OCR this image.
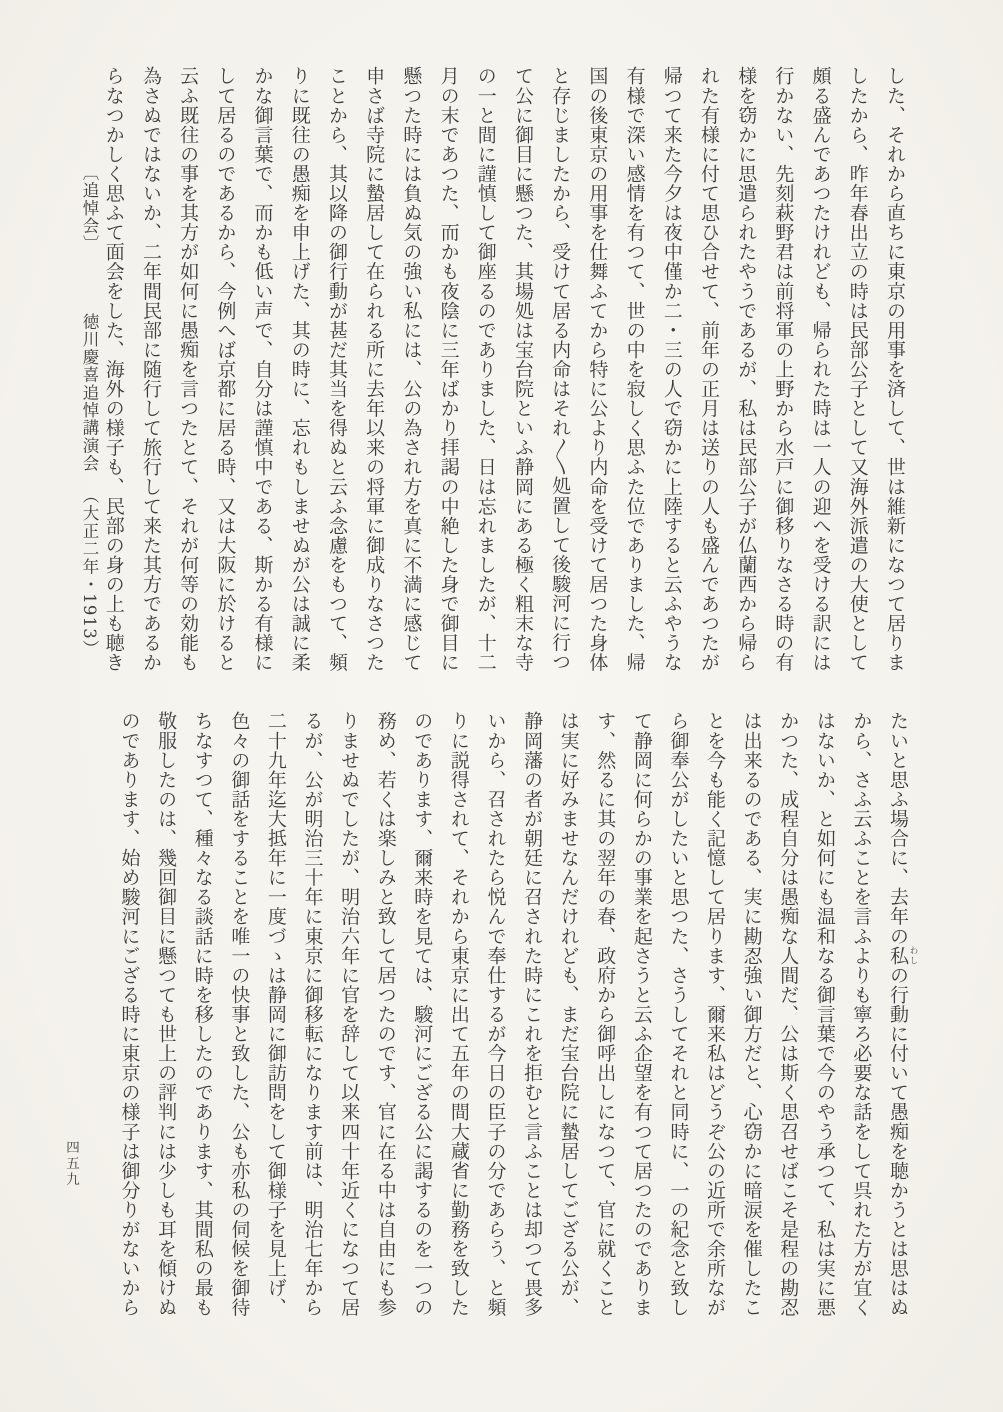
した、それから直ちに東京の用事を済して、世は維新になつて居りま
したから、昨年春出立の時は民部公子として又海外派遣の大使として
頗る盛んであつたけれども、帰られた時は一人の迎へを受ける訳には
行かない、先刻萩野君は前将軍の上野から水戸に御移りなさる時の有
様を窃かに思遣られたやうであるが、私は民部公子が仏蘭西から帰ら
れた有様に付て思ひ合せて、前年の正月は送りの人も盛んであつたが
帰つて来た今夕は夜中僅か二・三の人で窃かに上陸すると云ふやうな
有様で深い感情を有つて、世の中を寂しく思ふた位でありました、帰
国の後東京の用事を仕舞ふてから特に公より内命を受けて居つた身体
と存じましたから、受けて居る内命はそれ〳〵処置して後駿河に行つ
て公に御目に懸つた、其場処は宝台院といふ静岡にある極く粗末な寺
の一と間に謹慎して御座るのでありました、日は忘れましたが、十二
月の末であつた、而かも夜陰に三年ばかり拝謁の中絶した身で御目に
懸つた時には負ぬ気の強い私には、公の為され方を真に不満に感じて
申さば寺院に蟄居して在られる所に去年以来の将軍に御成りなさつた
ことから、其以降の御行動が甚だ其当を得ぬと云ふ念慮をもつて、頻
りに既往の愚痴を申上げた、其の時に、忘れもしませぬが公は誠に柔
かな御言葉で、而かも低い声で、自分は謹慎中である、斯かる有様に
して居るのであるから、今例へば京都に居る時、又は大阪に於けると
云ふ既往の事を其方が如何に愚痴を言つたとて、それが何等の効能も
為さぬではないか、二年間民部に随行して旅行して来た其方であるか
らなつかしく思ふて面会をした、海外の様子も、民部の身の上も聴き
〔追悼会〕 徳川慶喜追悼講演会 （大正二年・1913）
たいと思ふ場合に、去年の私 わしの行動に付いて愚痴を聴かうとは思はぬ
から、さふ云ふことを言ふよりも寧ろ必要な話をして呉れた方が宜く
はないか、と如何にも温和なる御言葉で今のやう承つて、私は実に悪
かつた、成程自分は愚痴な人間だ、公は斯く思召せばこそ是程の勘忍
は出来るのである、実に勘忍強い御方だと、心窃かに暗涙を催したこ
とを今も能く記憶して居ります、爾来私はどうぞ公の近所で余所なが
ら御奉公がしたいと思つた、さうしてそれと同時に、一の紀念と致し
て静岡に何らかの事業を起さうと云ふ企望を有つて居つたのでありま
す、然るに其の翌年の春、政府から御呼出しになつて、官に就くこと
は実に好みませなんだけれども、まだ宝台院に蟄居してござる公が、
静岡藩の者が朝廷に召された時にこれを拒むと言ふことは却つて畏多
いから、召されたら悦んで奉仕するが今日の臣子の分であらう、と頻
りに説得されて、それから東京に出て五年の間大蔵省に勤務を致した
のであります、爾来時を見ては、駿河にござる公に謁するのを一つの
務め、若くは楽しみと致して居つたのです、官に在る中は自由にも参
りませぬでしたが、明治六年に官を辞して以来四十年近くになつて居
るが、公が明治三十年に東京に御移転になります前は、明治七年から
二十九年迄大抵年に一度づゝは静岡に御訪問をして御様子を見上げ、
色々の御話をすることを唯一の快事と致した、公も亦私の伺候を御待
ちなすつて、種々なる談話に時を移したのであります、其間私の最も
敬服したのは、幾回御目に懸つても世上の評判には少しも耳を傾けぬ
のであります、始め駿河にござる時に東京の様子は御分りがないから
四五九
